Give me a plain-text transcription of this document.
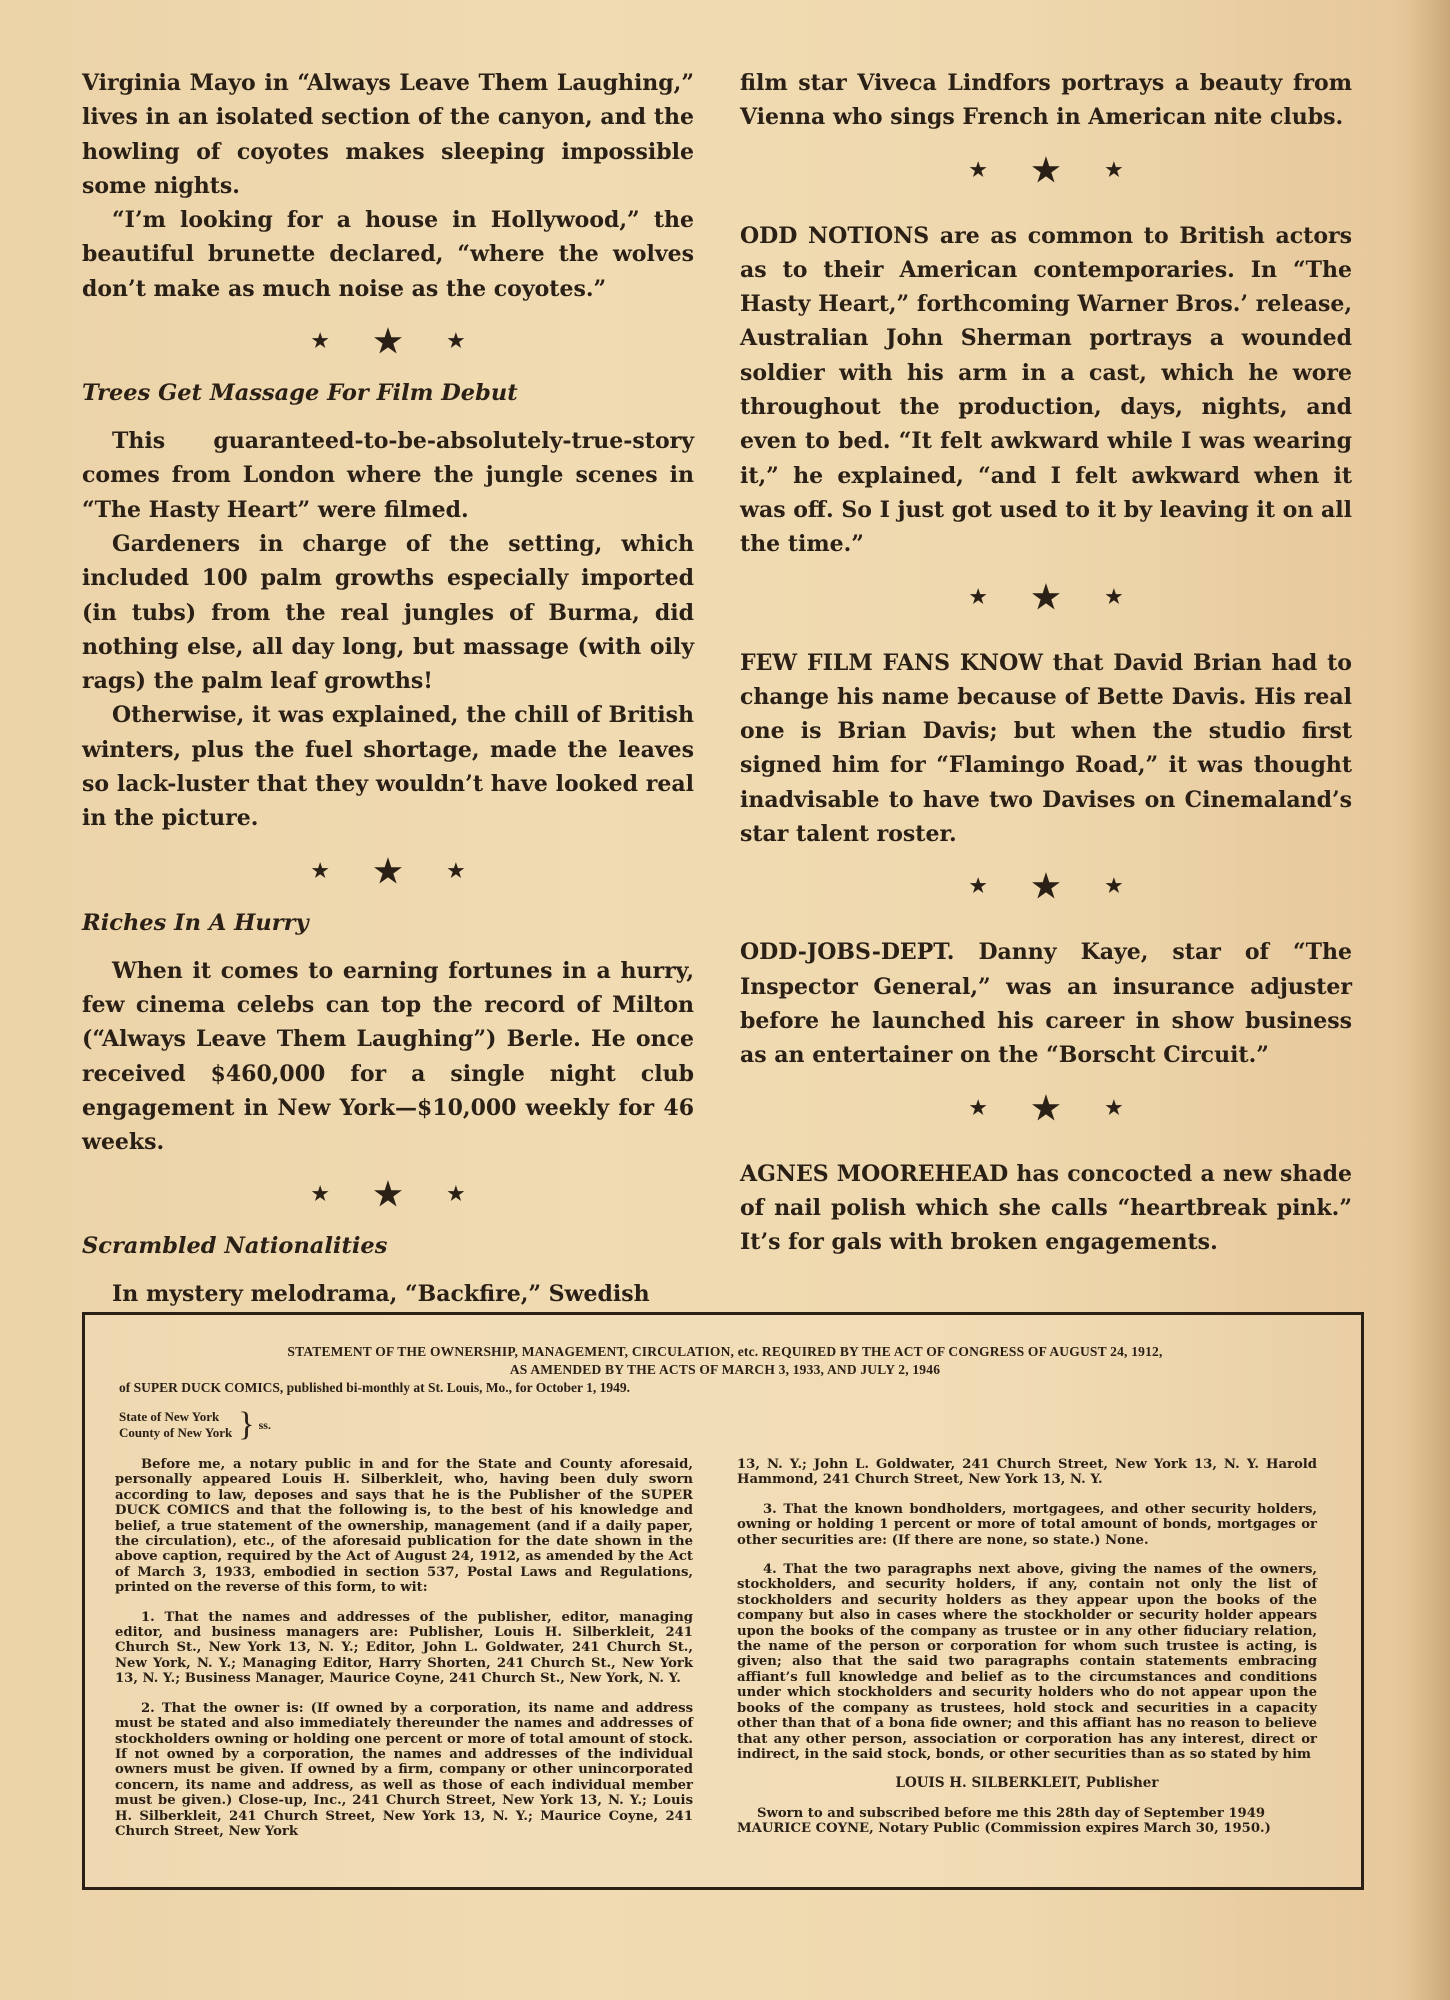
Virginia Mayo in “Always Leave Them Laughing,” lives in an isolated section of the canyon, and the howling of coyotes makes sleeping impossible some nights.

“I’m looking for a house in Hollywood,” the beautiful brunette declared, “where the wolves don’t make as much noise as the coyotes.”

★ ★ ★

Trees Get Massage For Film Debut

This guaranteed-to-be-absolutely-true-story comes from London where the jungle scenes in “The Hasty Heart” were filmed.

Gardeners in charge of the setting, which included 100 palm growths especially imported (in tubs) from the real jungles of Burma, did nothing else, all day long, but massage (with oily rags) the palm leaf growths!

Otherwise, it was explained, the chill of British winters, plus the fuel shortage, made the leaves so lack-luster that they wouldn’t have looked real in the picture.

★ ★ ★

Riches In A Hurry

When it comes to earning fortunes in a hurry, few cinema celebs can top the record of Milton (“Always Leave Them Laughing”) Berle. He once received $460,000 for a single night club engagement in New York—$10,000 weekly for 46 weeks.

★ ★ ★

Scrambled Nationalities

In mystery melodrama, “Backfire,” Swedish

film star Viveca Lindfors portrays a beauty from Vienna who sings French in American nite clubs.

★ ★ ★

ODD NOTIONS are as common to British actors as to their American contemporaries. In “The Hasty Heart,” forthcoming Warner Bros.’ release, Australian John Sherman portrays a wounded soldier with his arm in a cast, which he wore throughout the production, days, nights, and even to bed. “It felt awkward while I was wearing it,” he explained, “and I felt awkward when it was off. So I just got used to it by leaving it on all the time.”

★ ★ ★

FEW FILM FANS KNOW that David Brian had to change his name because of Bette Davis. His real one is Brian Davis; but when the studio first signed him for “Flamingo Road,” it was thought inadvisable to have two Davises on Cinemaland’s star talent roster.

★ ★ ★

ODD-JOBS-DEPT. Danny Kaye, star of “The Inspector General,” was an insurance adjuster before he launched his career in show business as an entertainer on the “Borscht Circuit.”

★ ★ ★

AGNES MOOREHEAD has concocted a new shade of nail polish which she calls “heartbreak pink.” It’s for gals with broken engagements.

STATEMENT OF THE OWNERSHIP, MANAGEMENT, CIRCULATION, etc. REQUIRED BY THE ACT OF CONGRESS OF AUGUST 24, 1912,
AS AMENDED BY THE ACTS OF MARCH 3, 1933, AND JULY 2, 1946
of SUPER DUCK COMICS, published bi-monthly at St. Louis, Mo., for October 1, 1949.
State of New York
County of New York } ss.

Before me, a notary public in and for the State and County aforesaid, personally appeared Louis H. Silberkleit, who, having been duly sworn according to law, deposes and says that he is the Publisher of the SUPER DUCK COMICS and that the following is, to the best of his knowledge and belief, a true statement of the ownership, management (and if a daily paper, the circulation), etc., of the aforesaid publication for the date shown in the above caption, required by the Act of August 24, 1912, as amended by the Act of March 3, 1933, embodied in section 537, Postal Laws and Regulations, printed on the reverse of this form, to wit:

1. That the names and addresses of the publisher, editor, managing editor, and business managers are: Publisher, Louis H. Silberkleit, 241 Church St., New York 13, N. Y.; Editor, John L. Goldwater, 241 Church St., New York, N. Y.; Managing Editor, Harry Shorten, 241 Church St., New York 13, N. Y.; Business Manager, Maurice Coyne, 241 Church St., New York, N. Y.

2. That the owner is: (If owned by a corporation, its name and address must be stated and also immediately thereunder the names and addresses of stockholders owning or holding one percent or more of total amount of stock. If not owned by a corporation, the names and addresses of the individual owners must be given. If owned by a firm, company or other unincorporated concern, its name and address, as well as those of each individual member must be given.) Close-up, Inc., 241 Church Street, New York 13, N. Y.; Louis H. Silberkleit, 241 Church Street, New York 13, N. Y.; Maurice Coyne, 241 Church Street, New York

13, N. Y.; John L. Goldwater, 241 Church Street, New York 13, N. Y. Harold Hammond, 241 Church Street, New York 13, N. Y.

3. That the known bondholders, mortgagees, and other security holders, owning or holding 1 percent or more of total amount of bonds, mortgages or other securities are: (If there are none, so state.) None.

4. That the two paragraphs next above, giving the names of the owners, stockholders, and security holders, if any, contain not only the list of stockholders and security holders as they appear upon the books of the company but also in cases where the stockholder or security holder appears upon the books of the company as trustee or in any other fiduciary relation, the name of the person or corporation for whom such trustee is acting, is given; also that the said two paragraphs contain statements embracing affiant’s full knowledge and belief as to the circumstances and conditions under which stockholders and security holders who do not appear upon the books of the company as trustees, hold stock and securities in a capacity other than that of a bona fide owner; and this affiant has no reason to believe that any other person, association or corporation has any interest, direct or indirect, in the said stock, bonds, or other securities than as so stated by him

LOUIS H. SILBERKLEIT, Publisher
Sworn to and subscribed before me this 28th day of September 1949
MAURICE COYNE, Notary Public (Commission expires March 30, 1950.)
